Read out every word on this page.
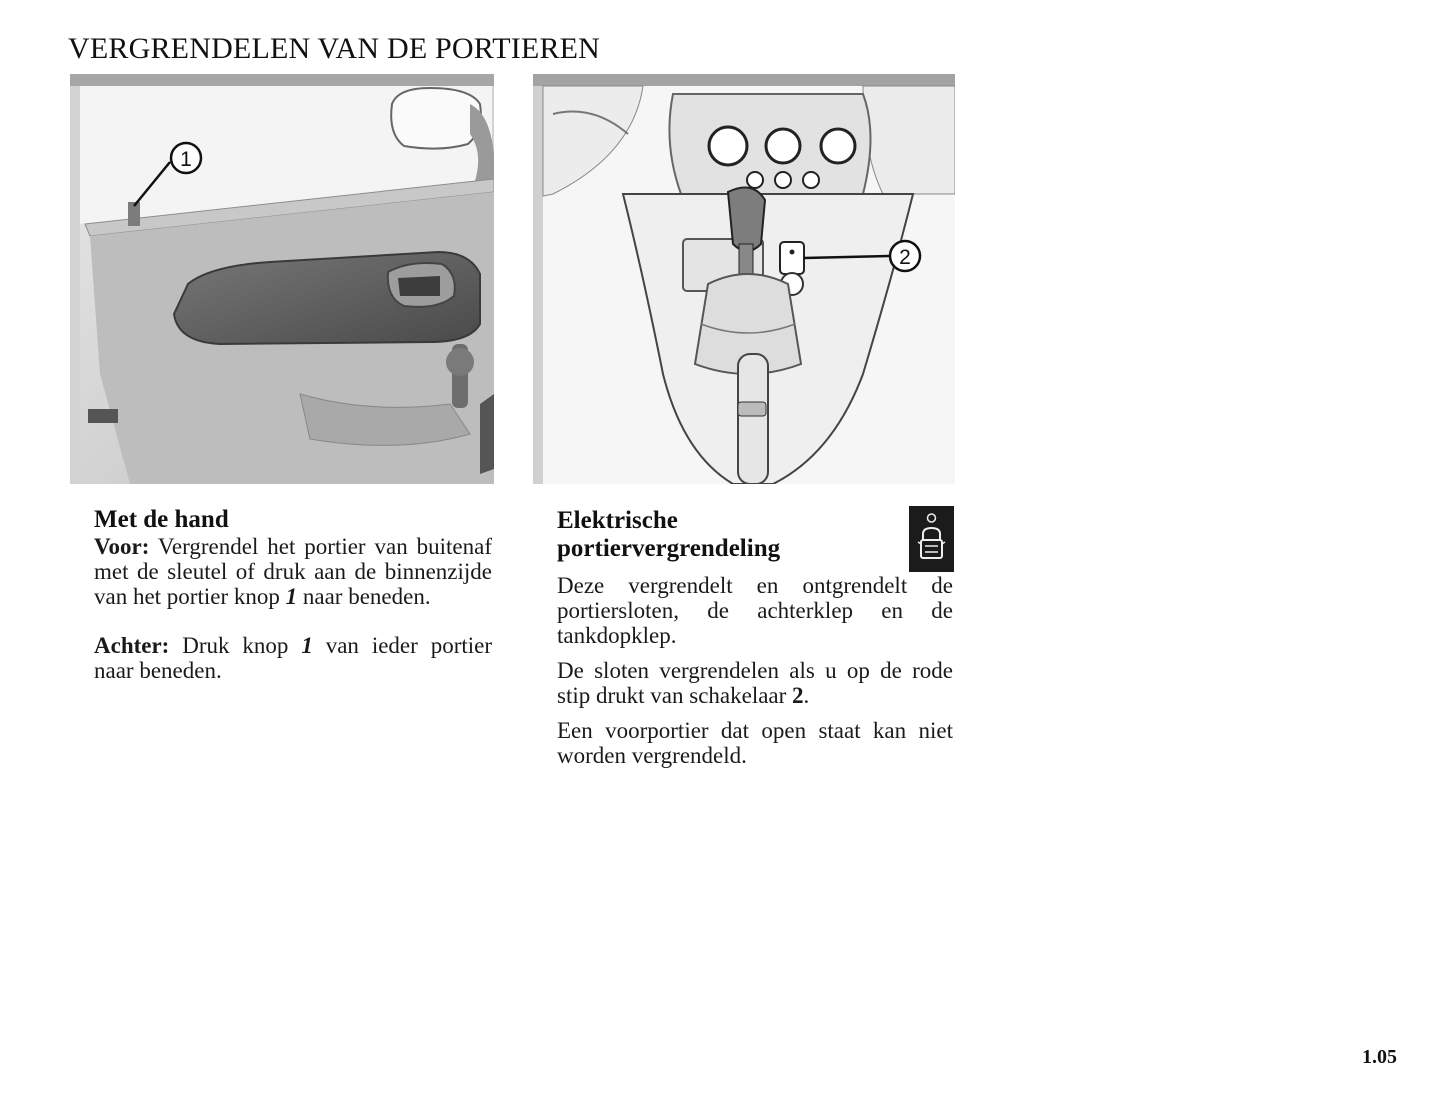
VERGRENDELEN VAN DE PORTIEREN
1
2
Met de hand

Voor: Vergrendel het portier van buitenaf met de sleutel of druk aan de binnenzijde van het portier knop 1 naar beneden.

Achter: Druk knop 1 van ieder portier naar beneden.

Elektrische portiervergrendeling

Deze vergrendelt en ontgrendelt de portiersloten, de achterklep en de tankdopklep.

De sloten vergrendelen als u op de rode stip drukt van schakelaar 2.

Een voorportier dat open staat kan niet worden vergrendeld.

1.05
